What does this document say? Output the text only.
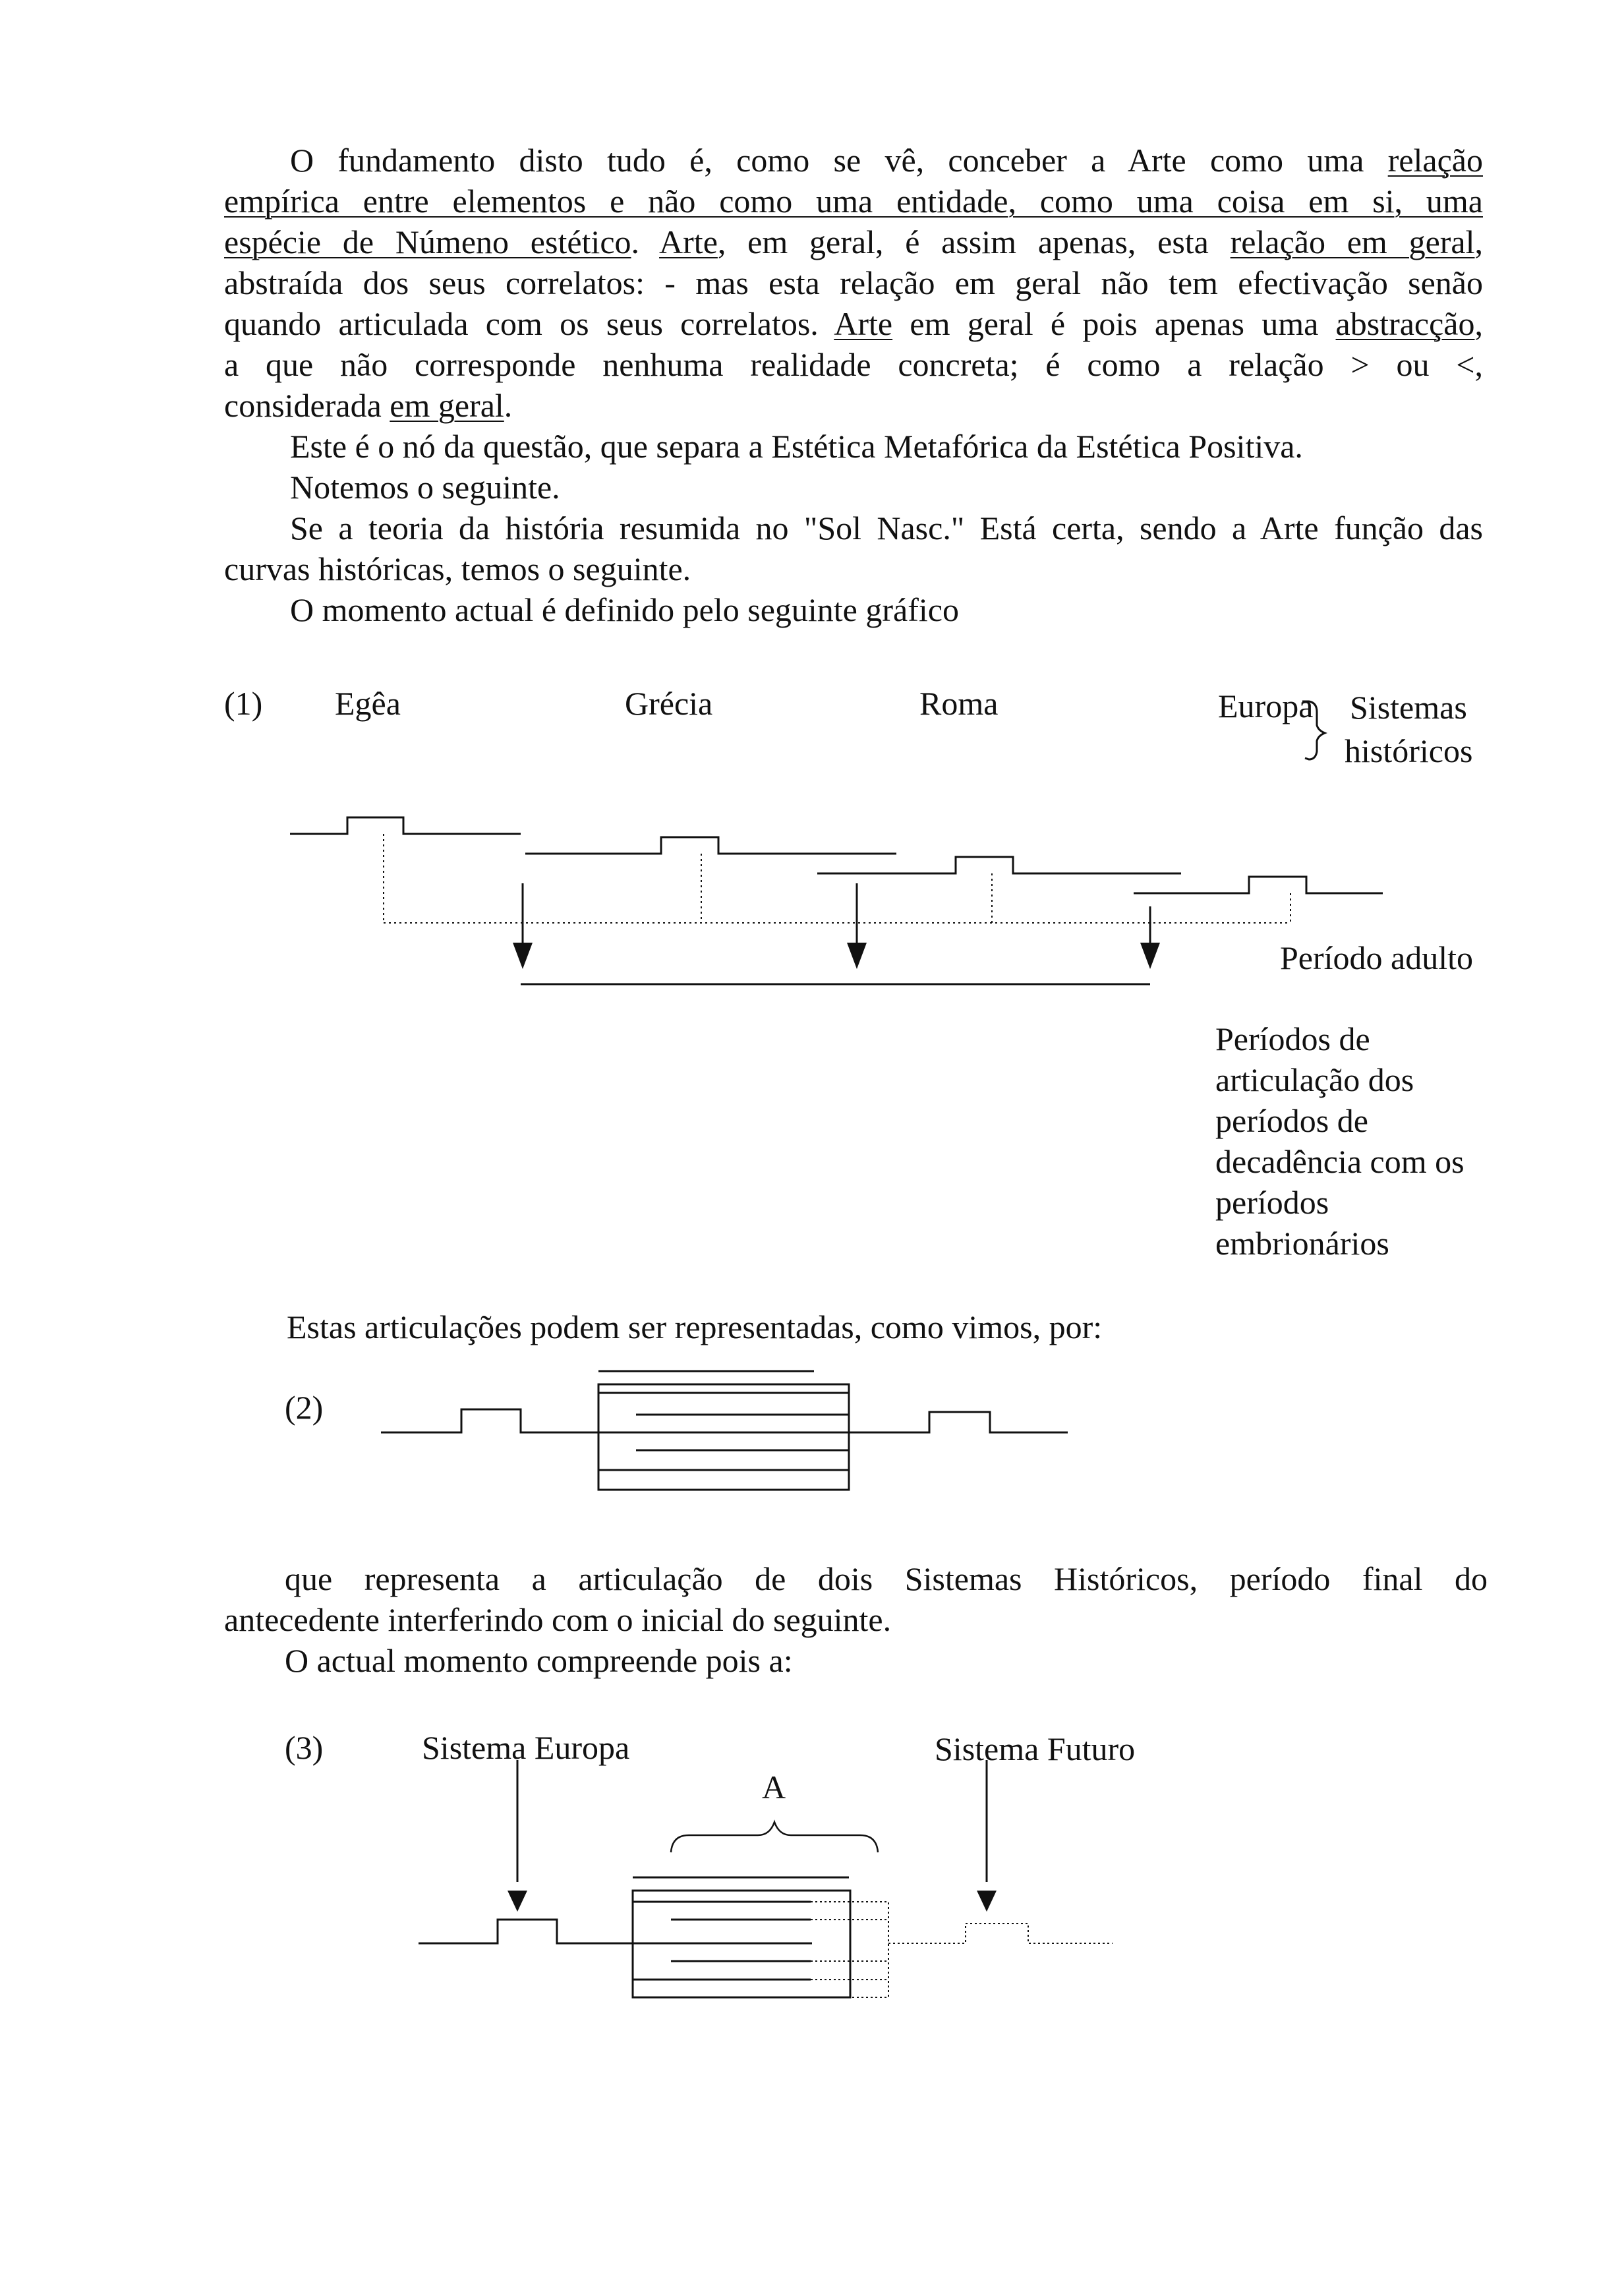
O fundamento disto tudo é, como se vê, conceber a Arte como uma relação
empírica entre elementos e não como uma entidade, como uma coisa em si, uma
espécie de Númeno estético. Arte, em geral, é assim apenas, esta relação em geral,
abstraída dos seus correlatos: - mas esta relação em geral não tem efectivação senão
quando articulada com os seus correlatos. Arte em geral é pois apenas uma abstracção,
a que não corresponde nenhuma realidade concreta; é como a relação > ou <,
considerada em geral.
Este é o nó da questão, que separa a Estética Metafórica da Estética Positiva.
Notemos o seguinte.
Se a teoria da história resumida no "Sol Nasc." Está certa, sendo a Arte função das
curvas históricas, temos o seguinte.
O momento actual é definido pelo seguinte gráfico
(1) Egêa	Grécia	Roma	Europa Sistemas
históricos
Período adulto
Períodos de
articulação dos
períodos de
decadência com os
períodos
embrionários
Estas articulações podem ser representadas, como vimos, por:
(2)
que representa a articulação de dois Sistemas Históricos, período final do
antecedente interferindo com o inicial do seguinte.
O actual momento compreende pois a:
(3)	Sistema Europa	Sistema Futuro
A
